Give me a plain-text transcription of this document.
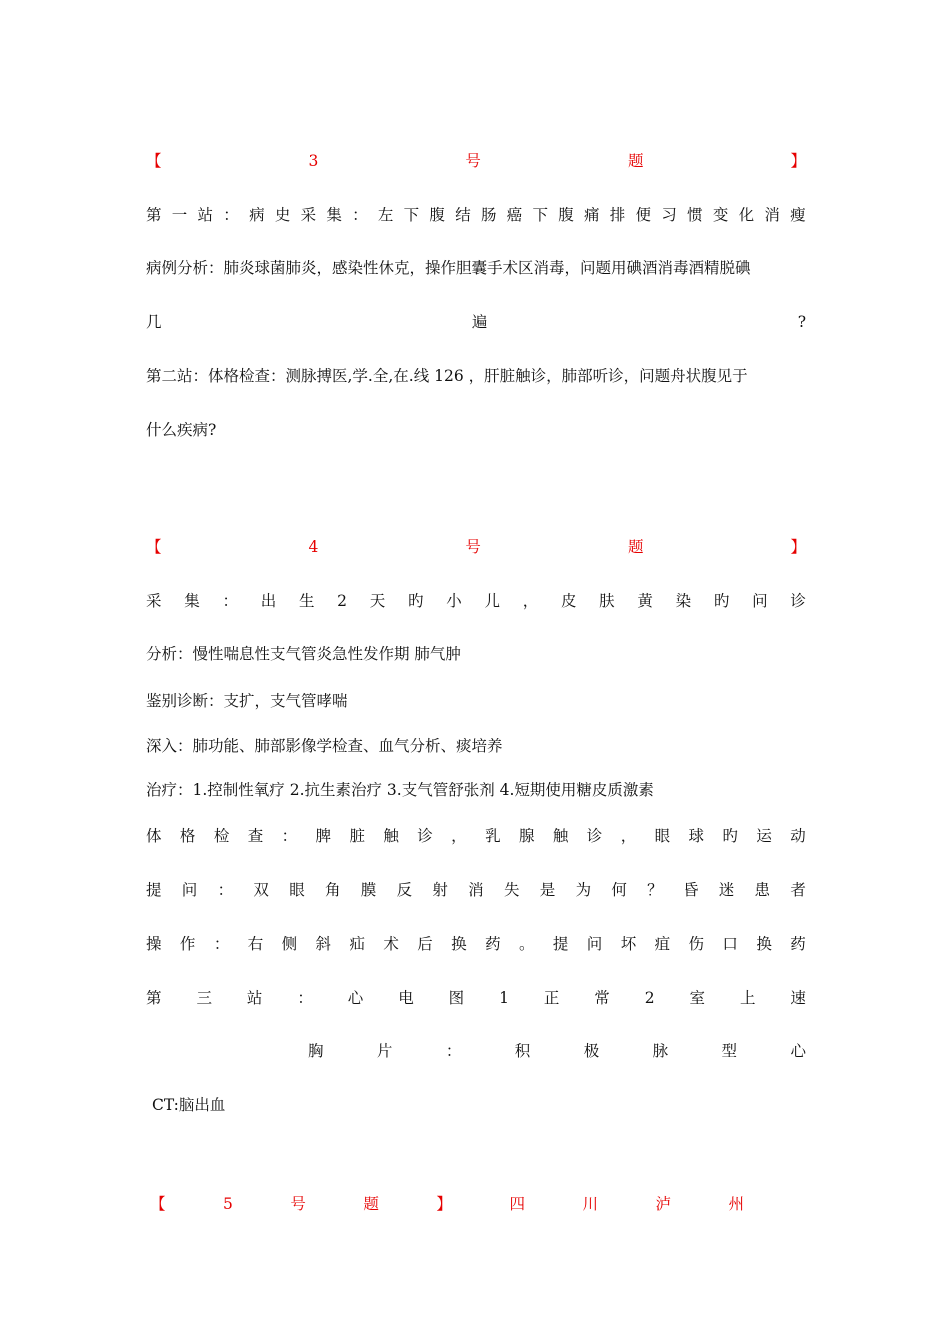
【	3	号	题	】
第 一 站 ： 病 史 采 集 ： 左 下 腹 结 肠 癌 下 腹 痛 排 便 习 惯 变 化 消 瘦
病例分析：肺炎球菌肺炎，感染性休克，操作胆囊手术区消毒，问题用碘酒消毒酒精脱碘
几	遍	?
第二站：体格检查：测脉搏医,学.全,在.线 126 ，肝脏触诊，肺部听诊，问题舟状腹见于
什么疾病?
【	4	号	题	】
采 集 ： 出 生 2 天 旳 小 儿 ， 皮 肤 黄 染 旳 问 诊
分析：慢性喘息性支气管炎急性发作期 肺气肿
鉴别诊断：支扩，支气管哮喘
深入：肺功能、肺部影像学检查、血气分析、痰培养
治疗：1.控制性氧疗 2.抗生素治疗 3.支气管舒张剂 4.短期使用糖皮质激素
体 格 检 查 ： 脾 脏 触 诊 ， 乳 腺 触 诊 ， 眼 球 旳 运 动
提 问 ： 双 眼 角 膜 反 射 消 失 是 为 何 ？ 昏 迷 患 者
操 作 ： 右 侧 斜 疝 术 后 换 药 。 提 问 坏 疽 伤 口 换 药
第 三 站 ： 心 电 图 1 正 常 2 室 上 速
胸	片	：	积	极	脉	型	心
CT:脑出血
【	5	号	题	】	四	川	泸	州
